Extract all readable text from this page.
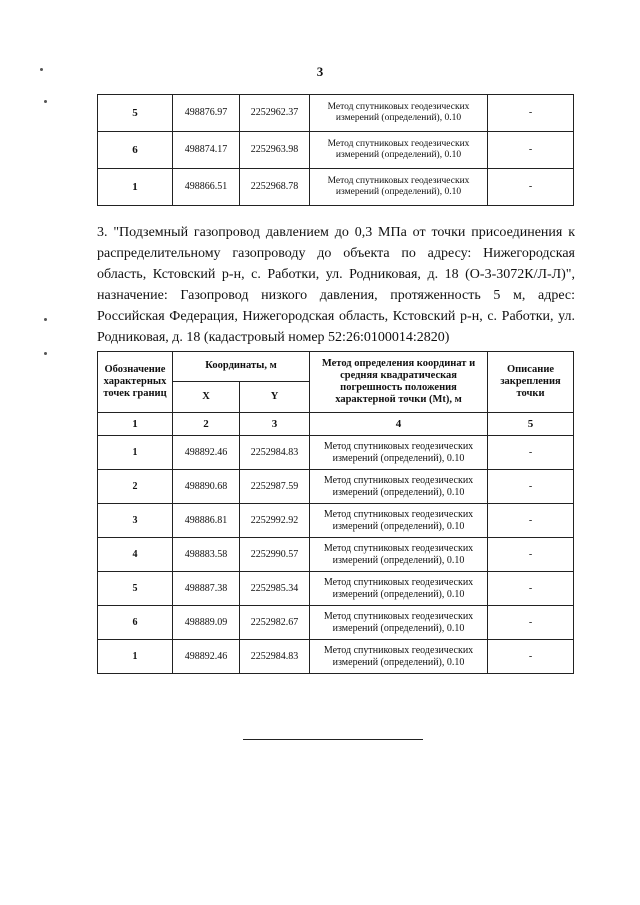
3
5	498876.97	2252962.37	Метод спутниковых геодезических измерений (определений), 0.10	-
6	498874.17	2252963.98	Метод спутниковых геодезических измерений (определений), 0.10	-
1	498866.51	2252968.78	Метод спутниковых геодезических измерений (определений), 0.10	-
3. "Подземный газопровод давлением до 0,3 МПа от точки присоединения к распределительному газопроводу до объекта по адресу: Нижегородская область, Кстовский р-н, с. Работки, ул. Родниковая, д. 18 (О-3-3072К/Л-Л)", назначение: Газопровод низкого давления, протяженность 5 м, адрес: Российская Федерация, Нижегородская область, Кстовский р-н, с. Работки, ул. Родниковая, д. 18 (кадастровый номер 52:26:0100014:2820)
Обозначение характерных точек границ	Координаты, м		Метод определения координат и средняя квадратическая погрешность положения характерной точки (Mt), м	Описание закрепления точки
	X	Y		
1	2	3	4	5
1	498892.46	2252984.83	Метод спутниковых геодезических измерений (определений), 0.10	-
2	498890.68	2252987.59	Метод спутниковых геодезических измерений (определений), 0.10	-
3	498886.81	2252992.92	Метод спутниковых геодезических измерений (определений), 0.10	-
4	498883.58	2252990.57	Метод спутниковых геодезических измерений (определений), 0.10	-
5	498887.38	2252985.34	Метод спутниковых геодезических измерений (определений), 0.10	-
6	498889.09	2252982.67	Метод спутниковых геодезических измерений (определений), 0.10	-
1	498892.46	2252984.83	Метод спутниковых геодезических измерений (определений), 0.10	-
